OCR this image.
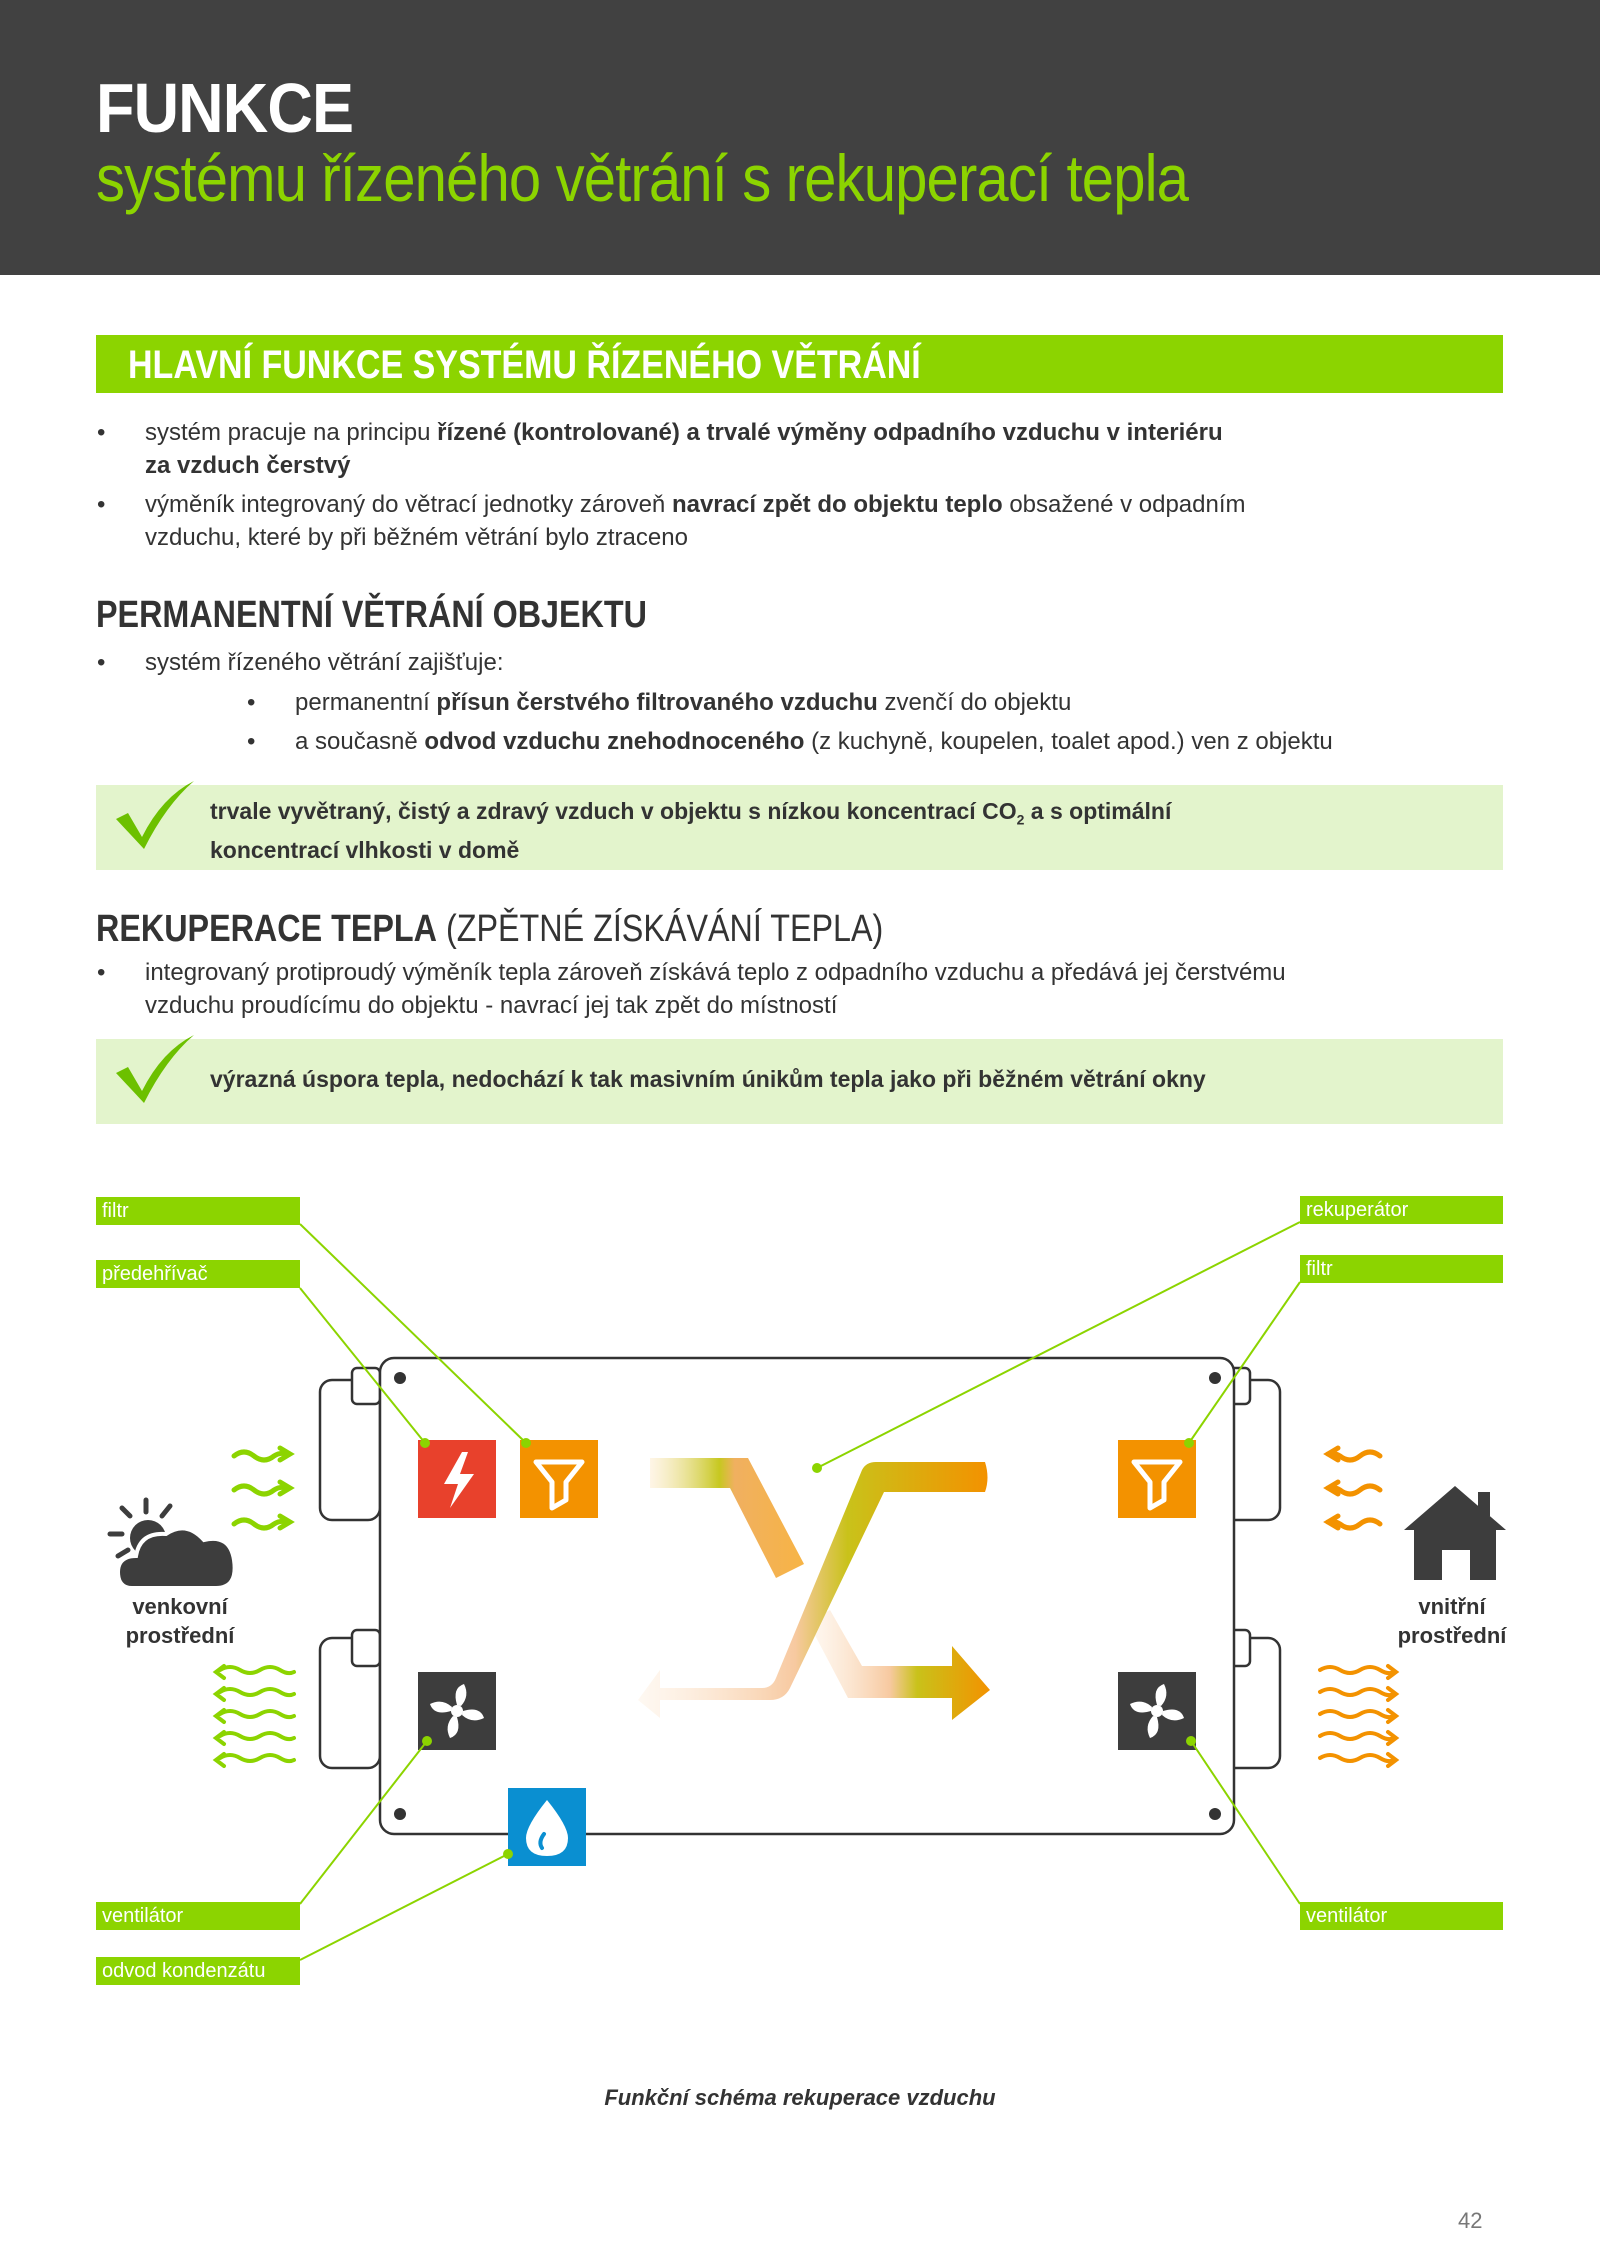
FUNKCE
systému řízeného větrání s rekuperací tepla
HLAVNÍ FUNKCE SYSTÉMU ŘÍZENÉHO VĚTRÁNÍ
• systém pracuje na principu řízené (kontrolované) a trvalé výměny odpadního vzduchu v interiéru
za vzduch čerstvý
• výměník integrovaný do větrací jednotky zároveň navrací zpět do objektu teplo obsažené v odpadním
vzduchu, které by při běžném větrání bylo ztraceno
PERMANENTNÍ VĚTRÁNÍ OBJEKTU
• systém řízeného větrání zajišťuje:
• permanentní přísun čerstvého filtrovaného vzduchu zvenčí do objektu
• a současně odvod vzduchu znehodnoceného (z kuchyně, koupelen, toalet apod.) ven z objektu
trvale vyvětraný, čistý a zdravý vzduch v objektu s nízkou koncentrací $CO_2$ a s optimální
koncentrací vlhkosti v domě
REKUPERACE TEPLA (ZPĚTNÉ ZÍSKÁVÁNÍ TEPLA)
• integrovaný protiproudý výměník tepla zároveň získává teplo z odpadního vzduchu a předává jej čerstvému
vzduchu proudícímu do objektu - navrací jej tak zpět do místností
výrazná úspora tepla, nedochází k tak masivním únikům tepla jako při běžném větrání okny
filtr
předehřívač
ventilátor
odvod kondenzátu
rekuperátor
filtr
ventilátor
venkovní
prostřední
vnitřní
prostřední
Funkční schéma rekuperace vzduchu
42
